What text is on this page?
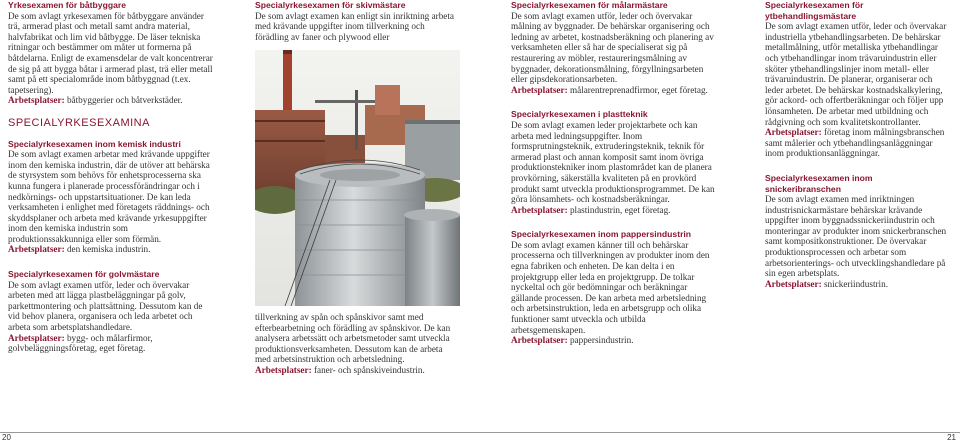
Yrkesexamen för båtbyggare
De som avlagt yrkesexamen för båtbyggare använder trä, armerad plast och metall samt andra material, halvfabrikat och lim vid båtbygge. De läser tekniska ritningar och bestämmer om måter ut formerna på båtdelarna. Enligt de examensdelar de valt koncentrerar de sig på att bygga båtar i armerad plast, trä eller metall samt på ett specialområde inom båtbyggnad (t.ex. tapetsering).
Arbetsplatser: båtbyggerier och båtverkstäder.
SPECIALYRKESEXAMINA
Specialyrkesexamen inom kemisk industri
De som avlagt examen arbetar med krävande uppgifter inom den kemiska industrin, där de utöver att behärska de styrsystem som behövs för enhetsprocesserna ska kunna fungera i planerade processförändringar och i nedkörnings- och uppstartsituationer. De kan leda verksamheten i enlighet med företagets räddnings- och skyddsplaner och arbeta med krävande yrkesuppgifter inom den kemiska industrin som produktionssakkunniga eller som förmän.
Arbetsplatser: den kemiska industrin.
Specialyrkesexamen för golvmästare
De som avlagt examen utför, leder och övervakar arbeten med att lägga plastbeläggningar på golv, parkettmontering och plattsättning. Dessutom kan de vid behov planera, organisera och leda arbetet och arbeta som arbetsplatshandledare.
Arbetsplatser: bygg- och målarfirmor, golvbeläggningsföretag, eget företag.
Specialyrkesexamen för skivmästare
De som avlagt examen kan enligt sin inriktning arbeta med krävande uppgifter inom tillverkning och förädling av faner och plywood eller
tillverkning av spån och spånskivor samt med efterbearbetning och förädling av spånskivor. De kan analysera arbetssätt och arbetsmetoder samt utveckla produktionsverksamheten. Dessutom kan de arbeta med arbetsinstruktion och arbetsledning.
Arbetsplatser: faner- och spånskiveindustrin.
Specialyrkesexamen för målarmästare
De som avlagt examen utför, leder och övervakar målning av byggnader. De behärskar organisering och ledning av arbetet, kostnadsberäkning och planering av verksamheten eller så har de specialiserat sig på restaurering av möbler, restaureringsmålning av byggnader, dekorationsmålning, förgyllningsarbeten eller gipsdekorationsarbeten.
Arbetsplatser: målarentreprenadfirmor, eget företag.
Specialyrkesexamen i plastteknik
De som avlagt examen leder projektarbete och kan arbeta med ledningsuppgifter. Inom formsprutningsteknik, extruderingsteknik, teknik för armerad plast och annan komposit samt inom övriga produktionstekniker inom plastområdet kan de planera provkörning, säkerställa kvaliteten på en provkörd produkt samt utveckla produktionsprogrammet. De kan göra lönsamhets- och kostnadsberäkningar.
Arbetsplatser: plastindustrin, eget företag.
Specialyrkesexamen inom pappersindustrin
De som avlagt examen känner till och behärskar processerna och tillverkningen av produkter inom den egna fabriken och enheten. De kan delta i en projektgrupp eller leda en projektgrupp. De tolkar nyckeltal och gör bedömningar och beräkningar gällande processen. De kan arbeta med arbetsledning och arbetsinstruktion, leda en arbetsgrupp och olika funktioner samt utveckla och utbilda arbetsgemenskapen.
Arbetsplatser: pappersindustrin.
Specialyrkesexamen för ytbehandlingsmästare
De som avlagt examen utför, leder och övervakar industriella ytbehandlingsarbeten. De behärskar metallmålning, utför metalliska ytbehandlingar och ytbehandlingar inom trävaruindustrin eller sköter ytbehandlingslinjer inom metall- eller trävaruindustrin. De planerar, organiserar och leder arbetet. De behärskar kostnadskalkylering, gör ackord- och offertberäkningar och följer upp lönsamheten. De arbetar med utbildning och rådgivning och som kvalitetskontrollanter.
Arbetsplatser: företag inom målningsbranschen samt målerier och ytbehandlingsanläggningar inom produktionsanläggningar.
Specialyrkesexamen inom snickeribranschen
De som avlagt examen med inriktningen industrisnickarmästare behärskar krävande uppgifter inom byggnadssnickeriindustrin och monteringar av produkter inom snickerbranschen samt kompositkonstruktioner. De övervakar produktionsprocessen och arbetar som arbetsorienterings- och utvecklingshandledare på sin egen arbetsplats.
Arbetsplatser: snickeriindustrin.
20	21
